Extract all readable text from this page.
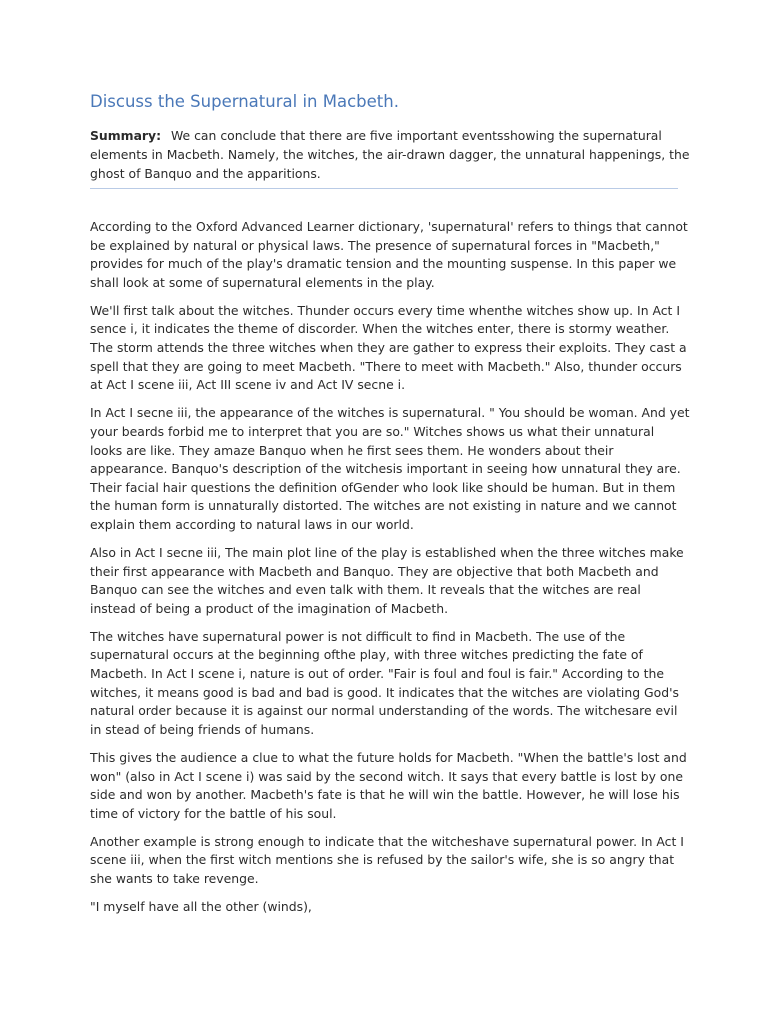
Discuss the Supernatural in Macbeth.

Summary: We can conclude that there are five important eventsshowing the supernatural elements in Macbeth. Namely, the witches, the air-drawn dagger, the unnatural happenings, the ghost of Banquo and the apparitions.

According to the Oxford Advanced Learner dictionary, 'supernatural' refers to things that cannot be explained by natural or physical laws. The presence of supernatural forces in "Macbeth," provides for much of the play's dramatic tension and the mounting suspense. In this paper we shall look at some of supernatural elements in the play.

We'll first talk about the witches. Thunder occurs every time whenthe witches show up. In Act I sence i, it indicates the theme of discorder. When the witches enter, there is stormy weather. The storm attends the three witches when they are gather to express their exploits. They cast a spell that they are going to meet Macbeth. "There to meet with Macbeth." Also, thunder occurs at Act I scene iii, Act III scene iv and Act IV secne i.

In Act I secne iii, the appearance of the witches is supernatural. " You should be woman. And yet your beards forbid me to interpret that you are so." Witches shows us what their unnatural looks are like. They amaze Banquo when he first sees them. He wonders about their appearance. Banquo's description of the witchesis important in seeing how unnatural they are. Their facial hair questions the definition ofGender who look like should be human. But in them the human form is unnaturally distorted. The witches are not existing in nature and we cannot explain them according to natural laws in our world.

Also in Act I secne iii, The main plot line of the play is established when the three witches make their first appearance with Macbeth and Banquo. They are objective that both Macbeth and Banquo can see the witches and even talk with them. It reveals that the witches are real instead of being a product of the imagination of Macbeth.

The witches have supernatural power is not difficult to find in Macbeth. The use of the supernatural occurs at the beginning ofthe play, with three witches predicting the fate of Macbeth. In Act I scene i, nature is out of order. "Fair is foul and foul is fair." According to the witches, it means good is bad and bad is good. It indicates that the witches are violating God's natural order because it is against our normal understanding of the words. The witchesare evil in stead of being friends of humans.

This gives the audience a clue to what the future holds for Macbeth. "When the battle's lost and won" (also in Act I scene i) was said by the second witch. It says that every battle is lost by one side and won by another. Macbeth's fate is that he will win the battle. However, he will lose his time of victory for the battle of his soul.

Another example is strong enough to indicate that the witcheshave supernatural power. In Act I scene iii, when the first witch mentions she is refused by the sailor's wife, she is so angry that she wants to take revenge.

"I myself have all the other (winds),
